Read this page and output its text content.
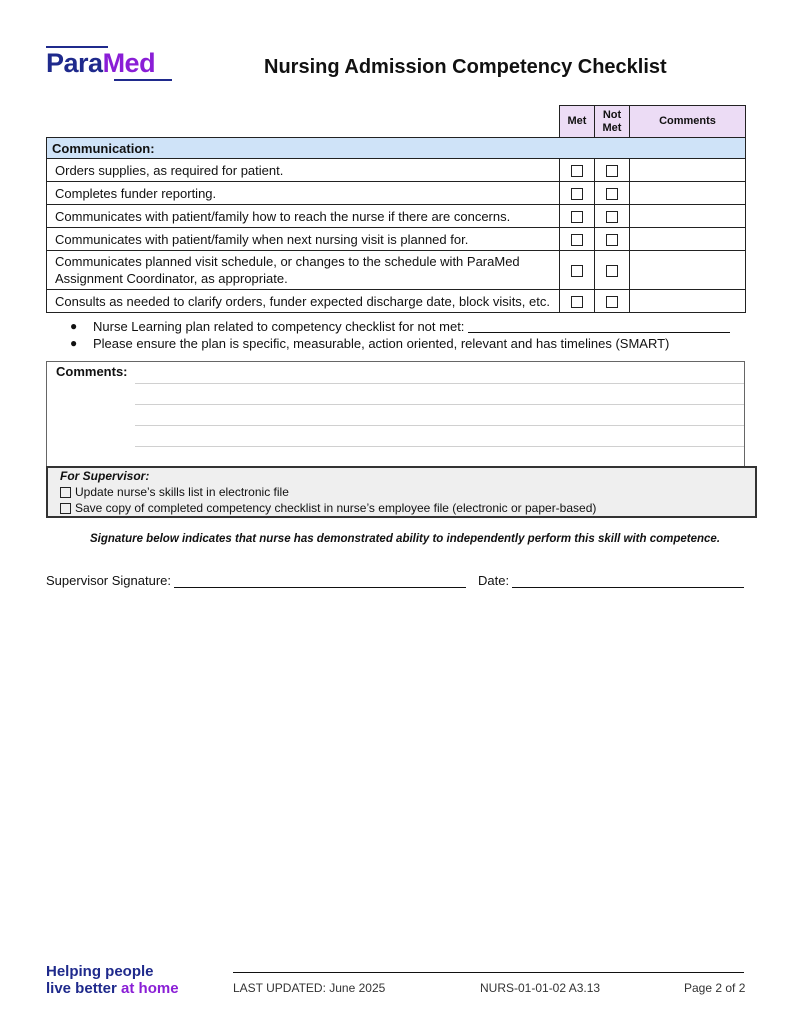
ParaMed	Nursing Admission Competency Checklist
	Met	Not Met	Comments
Communication:			
Orders supplies, as required for patient.			
Completes funder reporting.			
Communicates with patient/family how to reach the nurse if there are concerns.			
Communicates with patient/family when next nursing visit is planned for.			
Communicates planned visit schedule, or changes to the schedule with ParaMed Assignment Coordinator, as appropriate.			
Consults as needed to clarify orders, funder expected discharge date, block visits, etc.			
●	Nurse Learning plan related to competency checklist for not met:
●	Please ensure the plan is specific, measurable, action oriented, relevant and has timelines (SMART)
Comments:
For Supervisor:
Update nurse’s skills list in electronic file
Save copy of completed competency checklist in nurse’s employee file (electronic or paper-based)
Signature below indicates that nurse has demonstrated ability to independently perform this skill with competence.
Supervisor Signature:	Date:
Helping people
live better at home	LAST UPDATED: June 2025	NURS-01-01-02 A3.13	Page 2 of 2
